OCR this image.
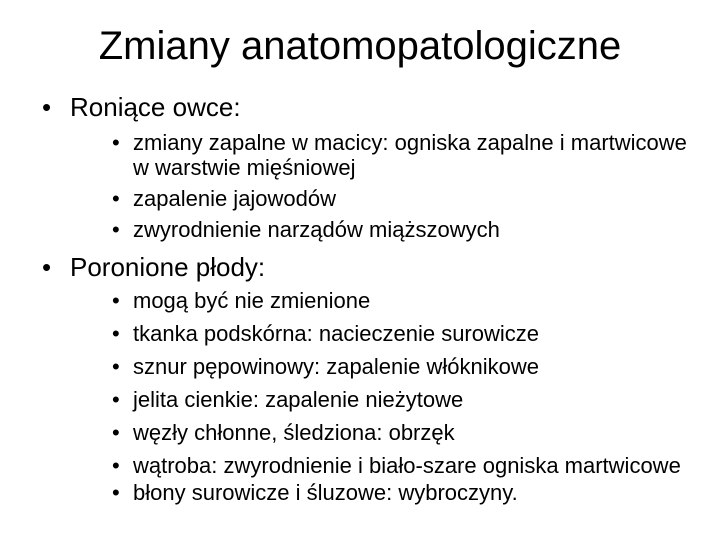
Zmiany anatomopatologiczne
• Roniące owce:
• zmiany zapalne w macicy: ogniska zapalne i martwicowe w warstwie mięśniowej
• zapalenie jajowodów
• zwyrodnienie narządów miąższowych
• Poronione płody:
• mogą być nie zmienione
• tkanka podskórna: nacieczenie surowicze
• sznur pępowinowy: zapalenie włóknikowe
• jelita cienkie: zapalenie nieżytowe
• węzły chłonne, śledziona: obrzęk
• wątroba: zwyrodnienie i biało-szare ogniska martwicowe
• błony surowicze i śluzowe: wybroczyny.
